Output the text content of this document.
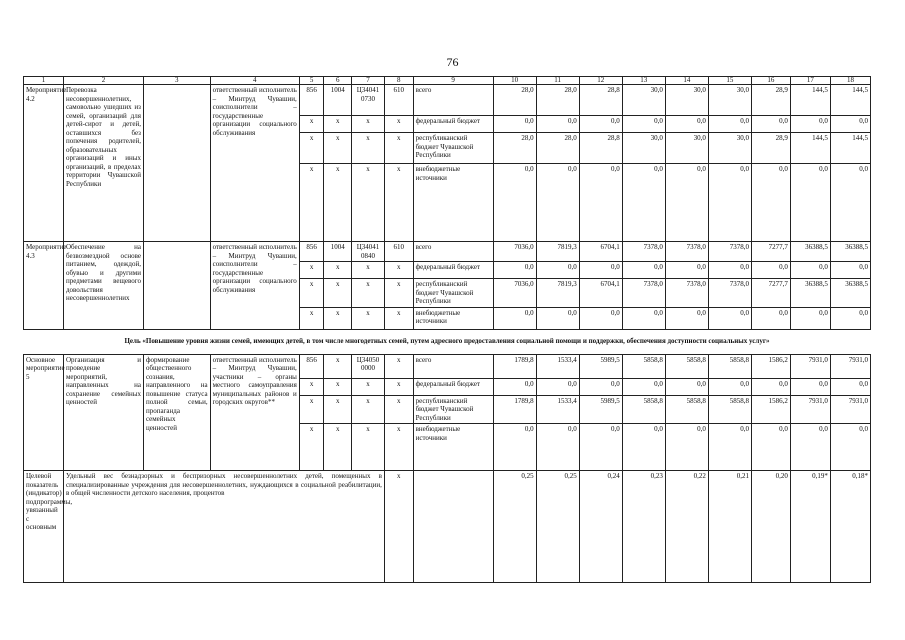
76
1	2	3	4	5	6	7	8	9	10	11	12	13	14	15	16	17	18
Мероприятие 4.2	Перевозка несовершеннолетних, самовольно ушедших из семей, организаций для детей-сирот и детей, оставшихся без попечения родителей, образовательных организаций и иных организаций, в пределах территории Чувашской Республики		ответственный исполнитель – Минтруд Чувашии, соисполнители – государственные организации социального обслуживания	856	1004	Ц34041 0730	610	всего	28,0	28,0	28,8	30,0	30,0	30,0	28,9	144,5	144,5
				x	x	x	x	федеральный бюджет	0,0	0,0	0,0	0,0	0,0	0,0	0,0	0,0	0,0
				x	x	x	x	республиканский бюджет Чувашской Республики	28,0	28,0	28,8	30,0	30,0	30,0	28,9	144,5	144,5
				x	x	x	x	внебюджетные источники	0,0	0,0	0,0	0,0	0,0	0,0	0,0	0,0	0,0
Мероприятие 4.3	Обеспечение на безвозмездной основе питанием, одеждой, обувью и другими предметами вещевого довольствия несовершеннолетних		ответственный исполнитель – Минтруд Чувашии, соисполнители – государственные организации социального обслуживания	856	1004	Ц34041 0840	610	всего	7036,0	7819,3	6704,1	7378,0	7378,0	7378,0	7277,7	36388,5	36388,5
				x	x	x	x	федеральный бюджет	0,0	0,0	0,0	0,0	0,0	0,0	0,0	0,0	0,0
				x	x	x	x	республиканский бюджет Чувашской Республики	7036,0	7819,3	6704,1	7378,0	7378,0	7378,0	7277,7	36388,5	36388,5
				x	x	x	x	внебюджетные источники	0,0	0,0	0,0	0,0	0,0	0,0	0,0	0,0	0,0
Цель «Повышение уровня жизни семей, имеющих детей, в том числе многодетных семей, путем адресного предоставления социальной помощи и поддержки, обеспечения доступности социальных услуг»																	
Основное мероприятие 5	Организация и проведение мероприятий, направленных на сохранение семейных ценностей	формирование общественного сознания, направленного на повышение статуса полной семьи, пропаганда семейных ценностей	ответственный исполнитель – Минтруд Чувашии, участники – органы местного самоуправления муниципальных районов и городских округов**	856	x	Ц34050 0000	x	всего	1789,8	1533,4	5989,5	5858,8	5858,8	5858,8	1586,2	7931,0	7931,0
				x	x	x	x	федеральный бюджет	0,0	0,0	0,0	0,0	0,0	0,0	0,0	0,0	0,0
				x	x	x	x	республиканский бюджет Чувашской Республики	1789,8	1533,4	5989,5	5858,8	5858,8	5858,8	1586,2	7931,0	7931,0
				x	x	x	x	внебюджетные источники	0,0	0,0	0,0	0,0	0,0	0,0	0,0	0,0	0,0
Целевой показатель (индикатор) подпрограммы, увязанный с основным	Удельный вес безнадзорных и беспризорных несовершеннолетних детей, помещенных в специализированные учреждения для несовершеннолетних, нуждающихся в социальной реабилитации, в общей численности детского населения, процентов						x		0,25	0,25	0,24	0,23	0,22	0,21	0,20	0,19*	0,18*
